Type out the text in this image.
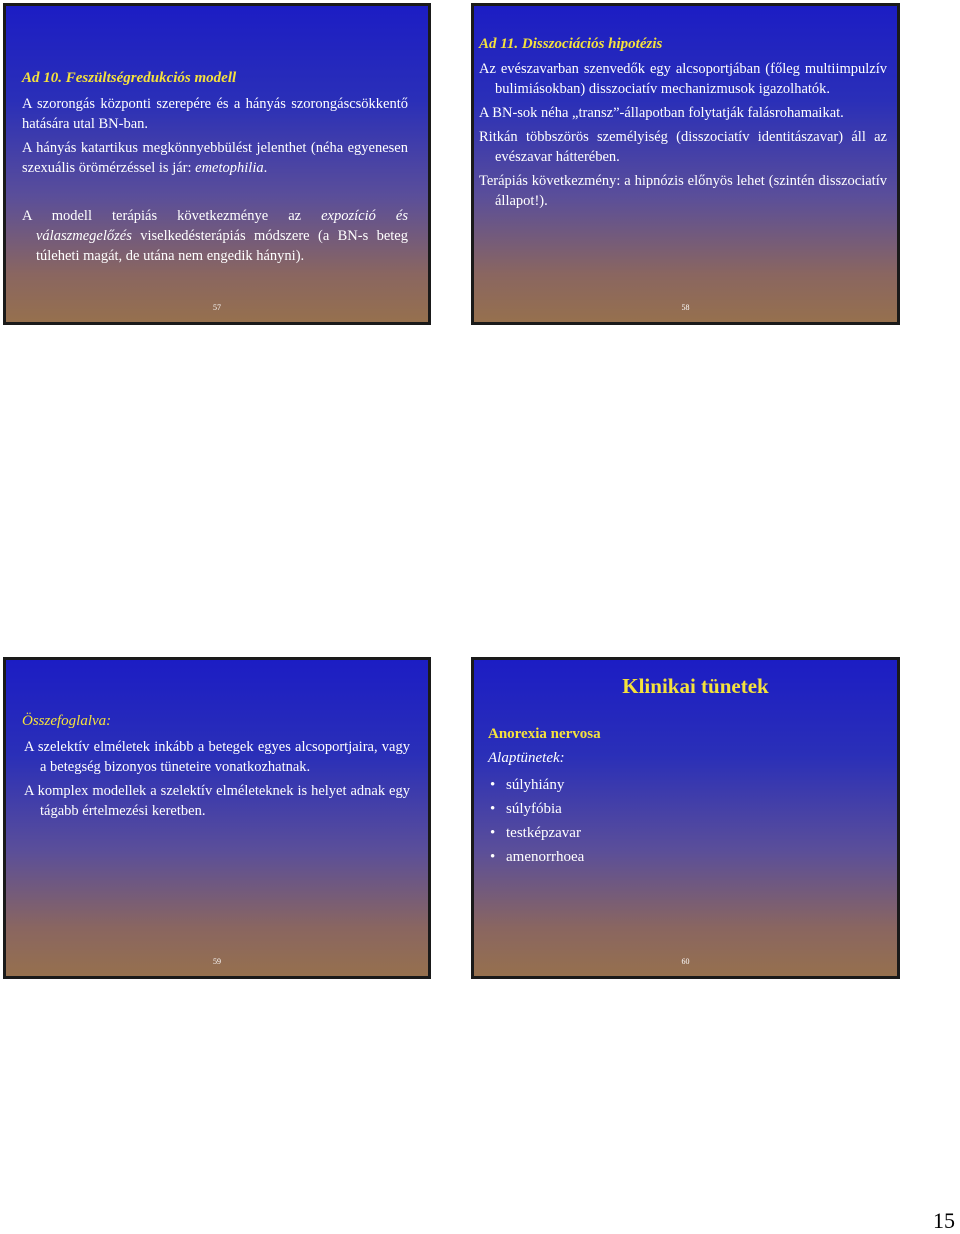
Ad 10. Feszültségredukciós modell

A szorongás központi szerepére és a hányás szorongáscsökkentő hatására utal BN-ban.

A hányás katartikus megkönnyebbülést jelenthet (néha egyenesen szexuális örömérzéssel is jár: emetophilia.

A modell terápiás következménye az expozíció és válaszmegelőzés viselkedésterápiás módszere (a BN-s beteg túleheti magát, de utána nem engedik hányni).

57

Ad 11. Disszociációs hipotézis

Az evészavarban szenvedők egy alcsoportjában (főleg multiimpulzív bulimiásokban) disszociatív mechanizmusok igazolhatók.

A BN-sok néha „transz”-állapotban folytatják falásrohamaikat.

Ritkán többszörös személyiség (disszociatív identitászavar) áll az evészavar hátterében.

Terápiás következmény: a hipnózis előnyös lehet (szintén disszociatív állapot!).

58

Összefoglalva:

A szelektív elméletek inkább a betegek egyes alcsoportjaira, vagy a betegség bizonyos tüneteire vonatkozhatnak.

A komplex modellek a szelektív elméleteknek is helyet adnak egy tágabb értelmezési keretben.

59

Klinikai tünetek

Anorexia nervosa

Alaptünetek:

• súlyhiány
• súlyfóbia
• testképzavar
• amenorrhoea
60
15
